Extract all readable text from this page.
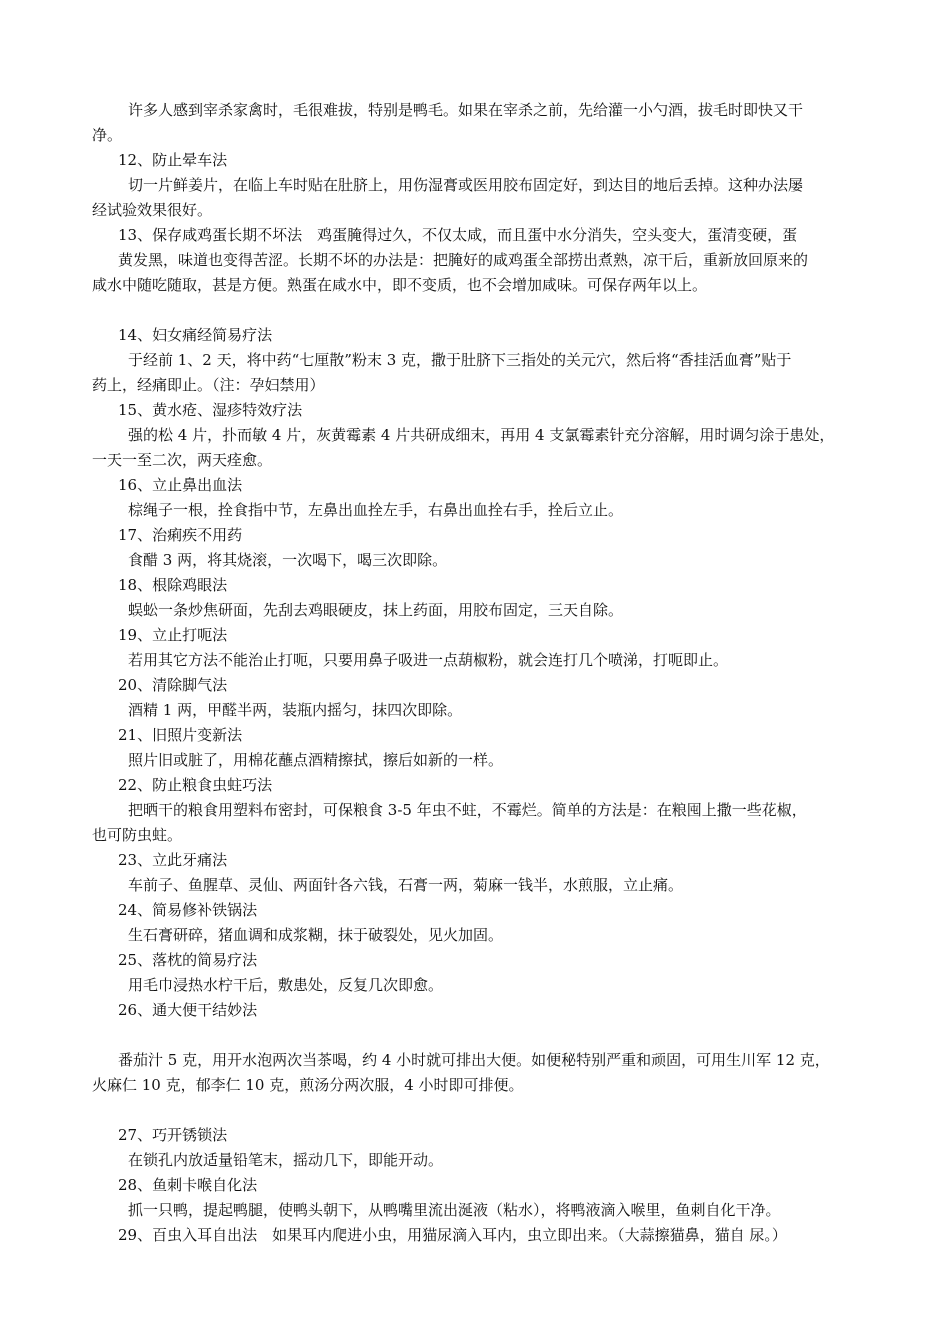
许多人感到宰杀家禽时，毛很难拔，特别是鸭毛。如果在宰杀之前，先给灌一小勺酒，拔毛时即快又干
净。
12、防止晕车法
切一片鲜姜片，在临上车时贴在肚脐上，用伤湿膏或医用胶布固定好，到达目的地后丢掉。这种办法屡
经试验效果很好。
13、保存咸鸡蛋长期不坏法　鸡蛋腌得过久，不仅太咸，而且蛋中水分消失，空头变大，蛋清变硬，蛋
黄发黑，味道也变得苦涩。长期不坏的办法是：把腌好的咸鸡蛋全部捞出煮熟，凉干后，重新放回原来的
咸水中随吃随取，甚是方便。熟蛋在咸水中，即不变质，也不会增加咸味。可保存两年以上。
14、妇女痛经简易疗法
于经前 1、2 天，将中药“七厘散”粉末 3 克，撒于肚脐下三指处的关元穴，然后将“香挂活血膏”贴于
药上，经痛即止。（注：孕妇禁用）
15、黄水疮、湿疹特效疗法
强的松 4 片，扑而敏 4 片，灰黄霉素 4 片共研成细末，再用 4 支氯霉素针充分溶解，用时调匀涂于患处，
一天一至二次，两天痊愈。
16、立止鼻出血法
棕绳子一根，拴食指中节，左鼻出血拴左手，右鼻出血拴右手，拴后立止。
17、治痢疾不用药
食醋 3 两，将其烧滚，一次喝下，喝三次即除。
18、根除鸡眼法
蜈蚣一条炒焦研面，先刮去鸡眼硬皮，抹上药面，用胶布固定，三天自除。
19、立止打呃法
若用其它方法不能治止打呃，只要用鼻子吸进一点葫椒粉，就会连打几个喷涕，打呃即止。
20、清除脚气法
酒精 1 两，甲醛半两，装瓶内摇匀，抹四次即除。
21、旧照片变新法
照片旧或脏了，用棉花蘸点酒精擦拭，擦后如新的一样。
22、防止粮食虫蛀巧法
把晒干的粮食用塑料布密封，可保粮食 3-5 年虫不蛀，不霉烂。简单的方法是：在粮囤上撒一些花椒，
也可防虫蛀。
23、立此牙痛法
车前子、鱼腥草、灵仙、两面针各六钱，石膏一两，菊麻一钱半，水煎服，立止痛。
24、简易修补铁锅法
生石膏研碎，猪血调和成浆糊，抹于破裂处，见火加固。
25、落枕的简易疗法
用毛巾浸热水柠干后，敷患处，反复几次即愈。
26、通大便干结妙法
番茄汁 5 克，用开水泡两次当茶喝，约 4 小时就可排出大便。如便秘特别严重和顽固，可用生川军 12 克，
火麻仁 10 克，郁李仁 10 克，煎汤分两次服，4 小时即可排便。
27、巧开锈锁法
在锁孔内放适量铅笔末，摇动几下，即能开动。
28、鱼刺卡喉自化法
抓一只鸭，提起鸭腿，使鸭头朝下，从鸭嘴里流出涎液（粘水），将鸭液滴入喉里，鱼刺自化干净。
29、百虫入耳自出法　如果耳内爬进小虫，用猫尿滴入耳内，虫立即出来。（大蒜擦猫鼻，猫自 尿。）
